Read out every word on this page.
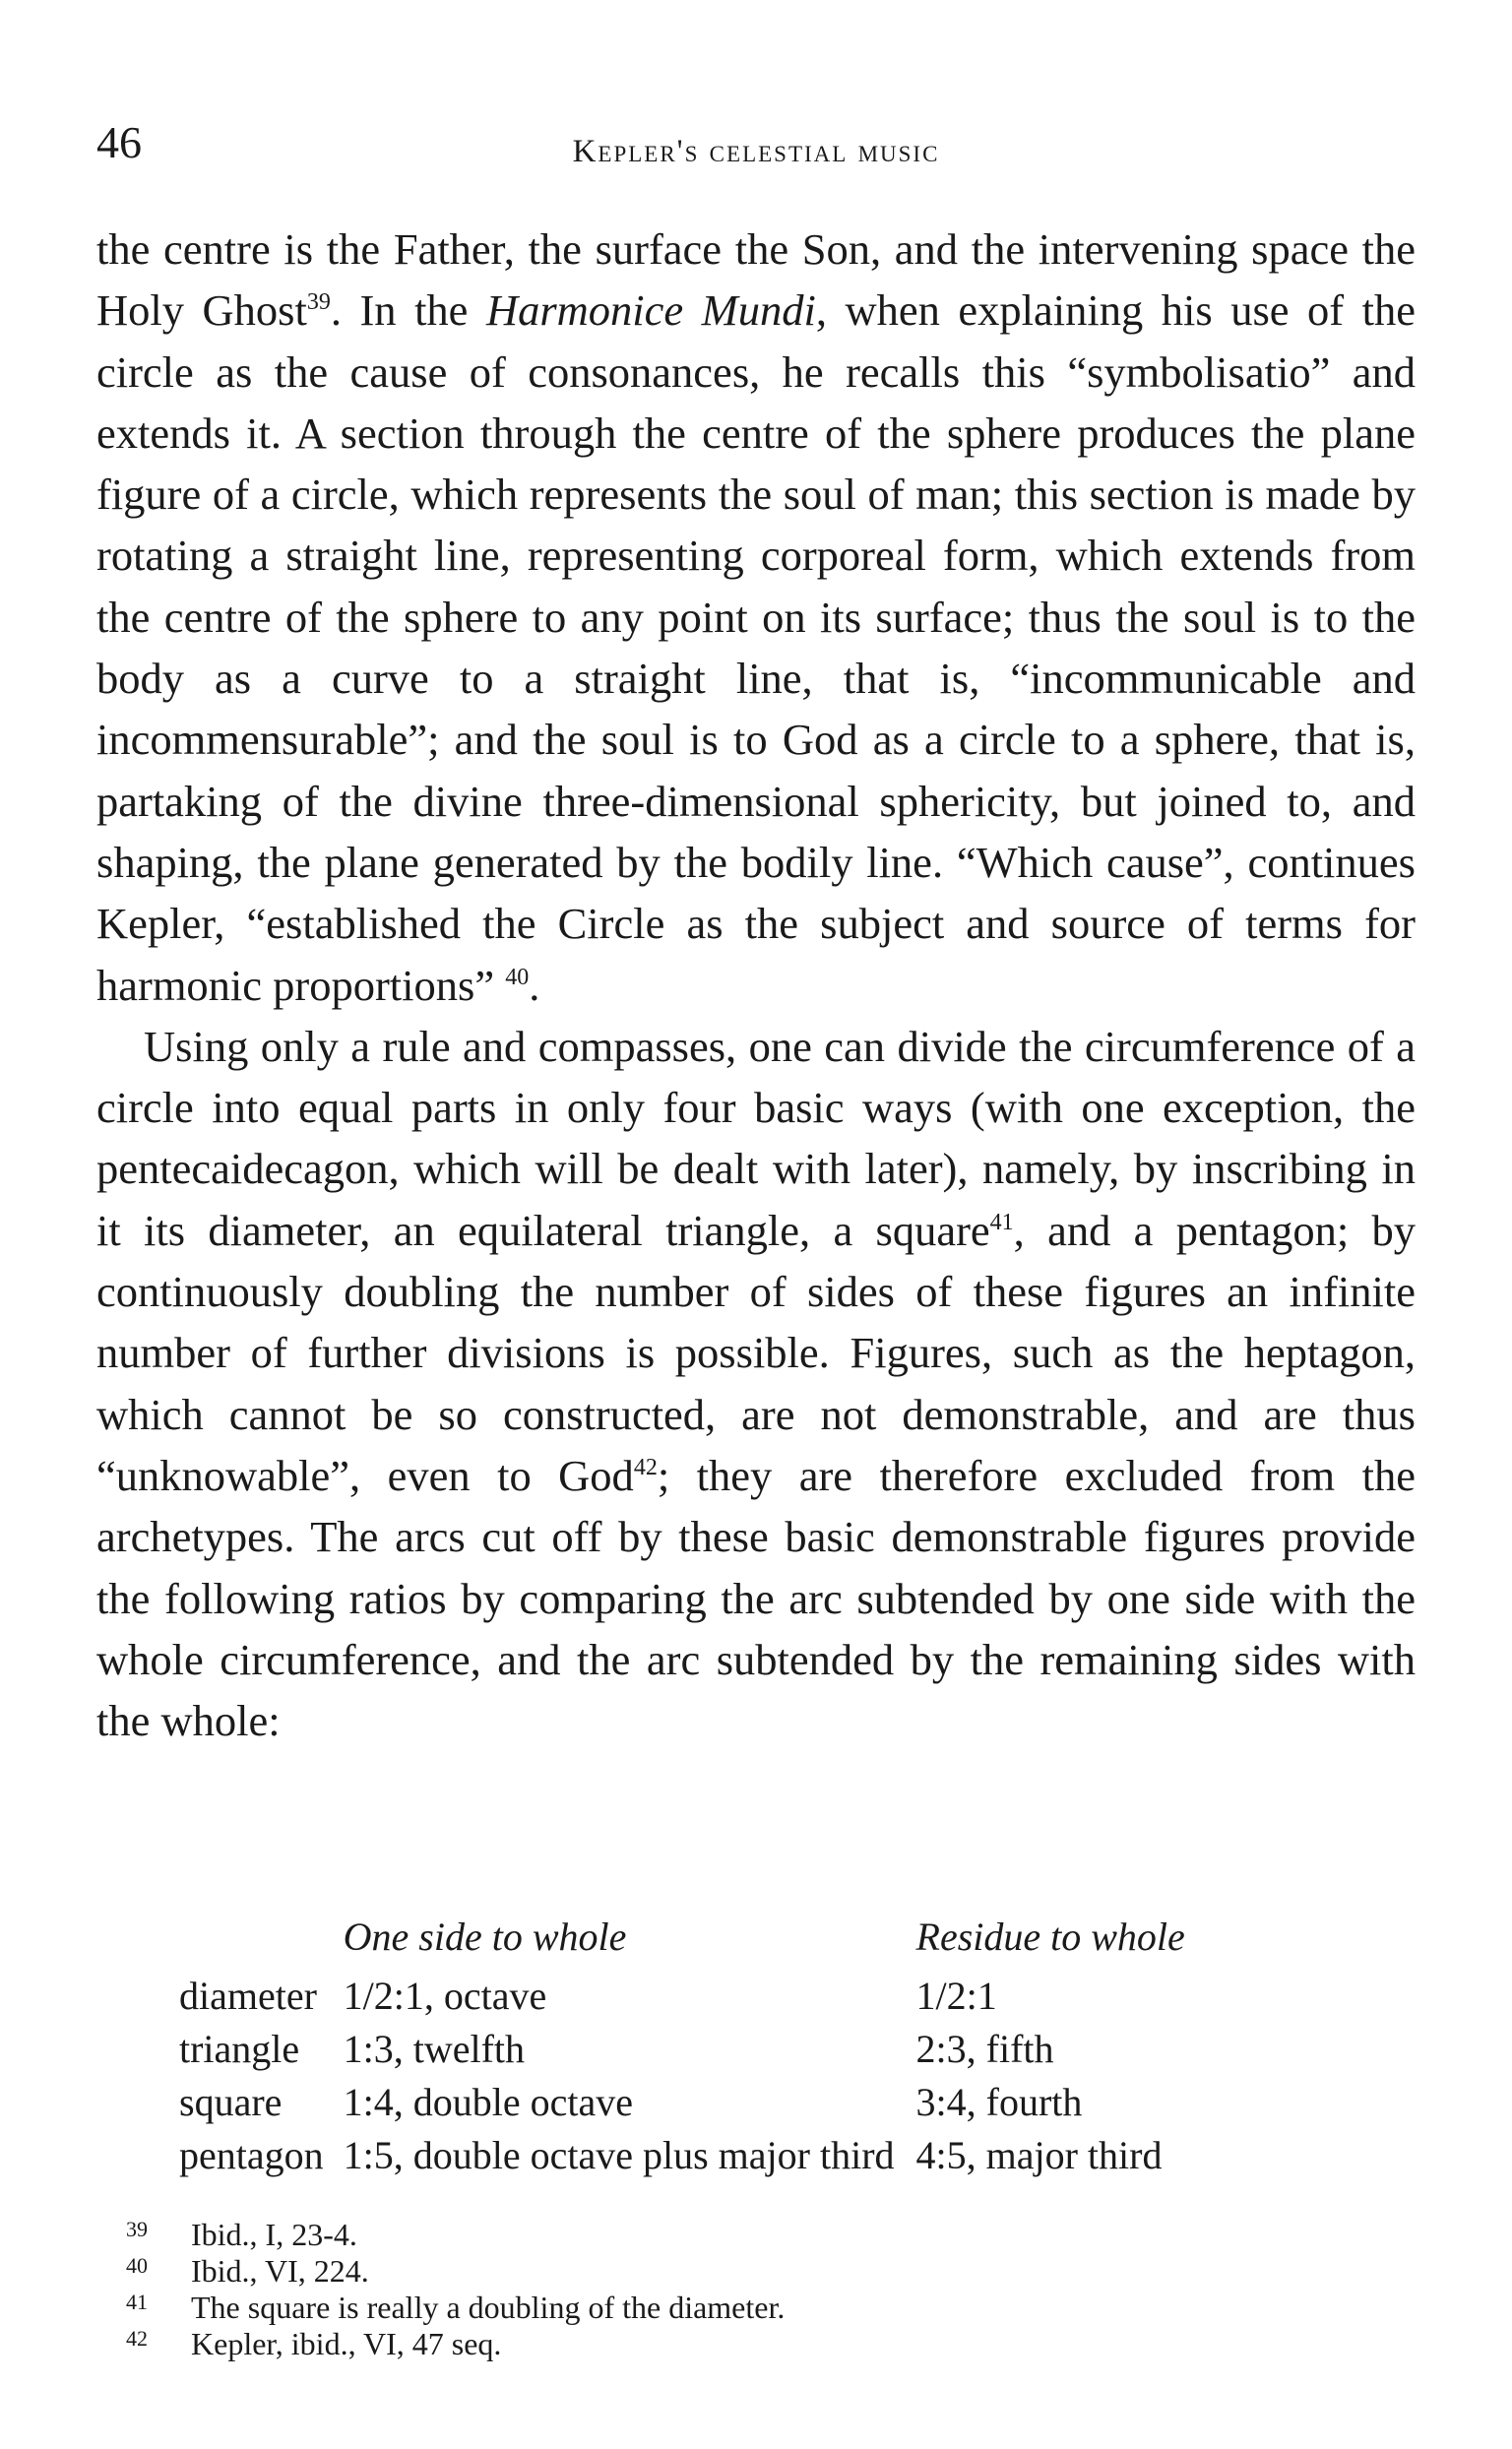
46	kepler's celestial music

the centre is the Father, the surface the Son, and the intervening space the Holy Ghost$^{39}$. In the Harmonice Mundi, when explaining his use of the circle as the cause of consonances, he recalls this “symbolisatio” and extends it. A section through the centre of the sphere produces the plane figure of a circle, which represents the soul of man; this section is made by rotating a straight line, representing corporeal form, which extends from the centre of the sphere to any point on its surface; thus the soul is to the body as a curve to a straight line, that is, “incommunicable and incommensurable”; and the soul is to God as a circle to a sphere, that is, partaking of the divine three-dimensional sphericity, but joined to, and shaping, the plane generated by the bodily line. “Which cause”, continues Kepler, “established the Circle as the subject and source of terms for harmonic proportions” $^{40}$.

Using only a rule and compasses, one can divide the circumference of a circle into equal parts in only four basic ways (with one exception, the pentecaidecagon, which will be dealt with later), namely, by inscribing in it its diameter, an equilateral triangle, a square$^{41}$, and a pentagon; by continuously doubling the number of sides of these figures an infinite number of further divisions is possible. Figures, such as the heptagon, which cannot be so constructed, are not demonstrable, and are thus “unknowable”, even to God$^{42}$; they are therefore excluded from the archetypes. The arcs cut off by these basic demonstrable figures provide the following ratios by comparing the arc subtended by one side with the whole circumference, and the arc subtended by the remaining sides with the whole:

	One side to whole	Residue to whole
diameter	1/2:1, octave	1/2:1
triangle	1:3, twelfth	2:3, fifth
square	1:4, double octave	3:4, fourth
pentagon	1:5, double octave plus major third	4:5, major third
39 Ibid., I, 23-4.
40 Ibid., VI, 224.
41 The square is really a doubling of the diameter.
42 Kepler, ibid., VI, 47 seq.
